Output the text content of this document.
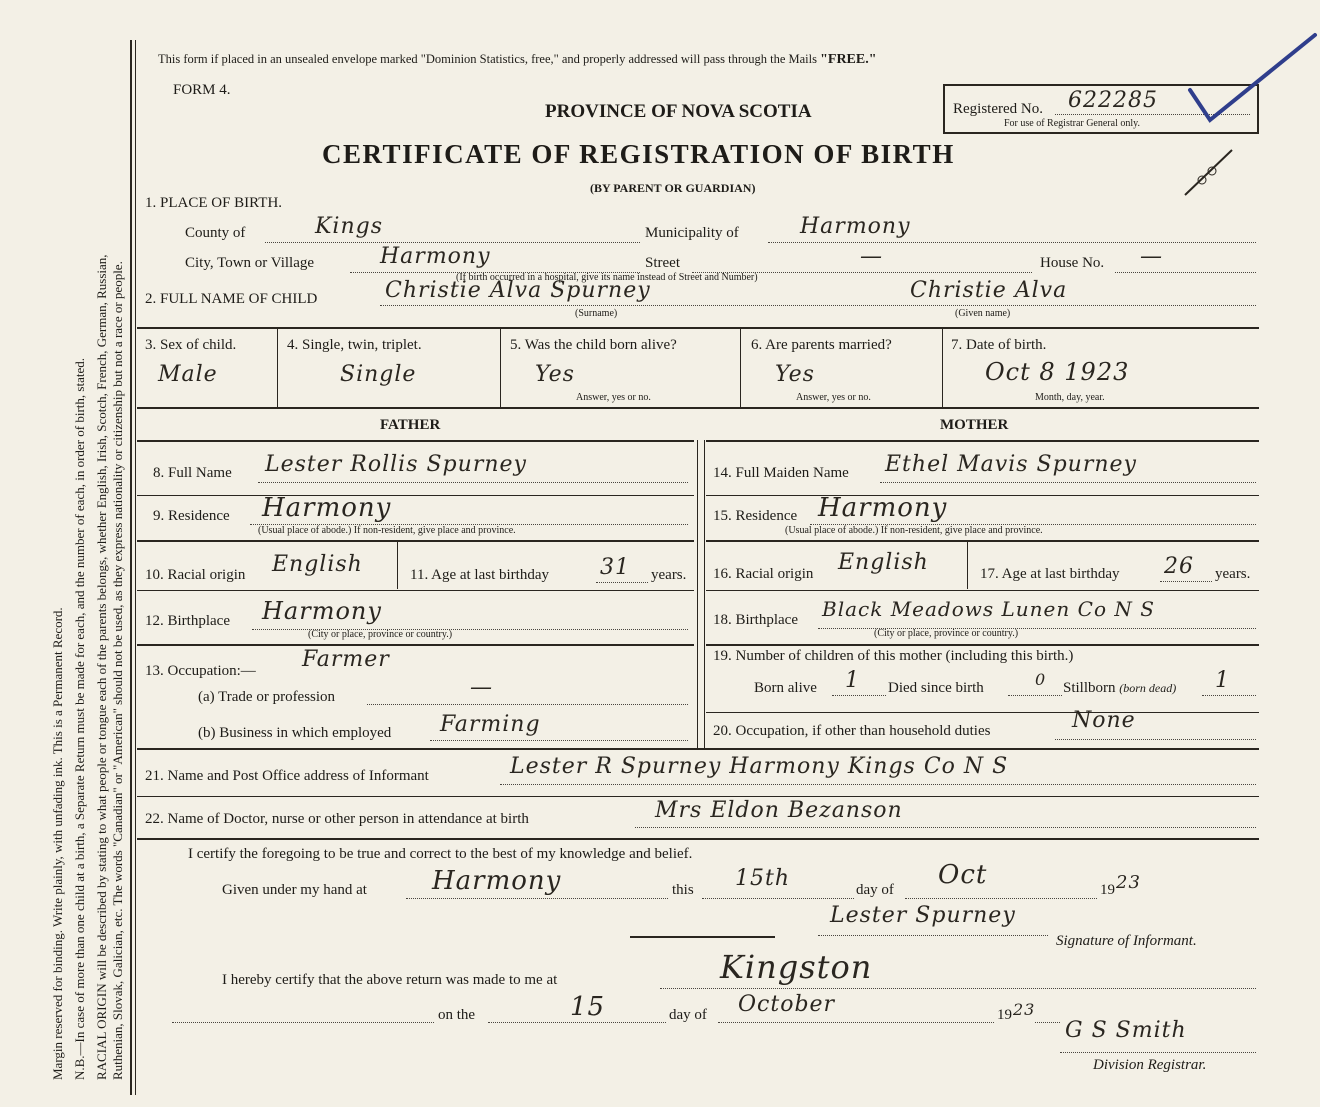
Margin reserved for binding. Write plainly, with unfading ink. This is a Permanent Record. N.B.—In case of more than one child at a birth, a Separate Return must be made for each, and the number of each, in order of birth, stated. RACIAL ORIGIN will be described by stating to what people or tongue each of the parents belongs, whether English, Irish, Scotch, French, German, Russian, Ruthenian, Slovak, Galician, etc. The words "Canadian" or "American" should not be used, as they express nationality or citizenship but not a race or people.
This form if placed in an unsealed envelope marked "Dominion Statistics, free," and properly addressed will pass through the Mails "FREE."
FORM 4.
PROVINCE OF NOVA SCOTIA	Registered No. 622285
For use of Registrar General only.
CERTIFICATE OF REGISTRATION OF BIRTH
(BY PARENT OR GUARDIAN)
1. PLACE OF BIRTH.
County of	Kings	Municipality of	Harmony
City, Town or Village	Harmony	Street	—	House No. —
(If birth occurred in a hospital, give its name instead of Street and Number)
2. FULL NAME OF CHILD	Christie Alva Spurney
(Surname)
Christie Alva
(Given name)
3. Sex of child.
Male
4. Single, twin, triplet.
Single
5. Was the child born alive?
Yes
Answer, yes or no.
6. Are parents married?
Yes
Answer, yes or no.
7. Date of birth.
Oct 8 1923
Month, day, year.
FATHER	MOTHER
8. Full Name Lester Rollis Spurney
9. Residence Harmony
(Usual place of abode.) If non-resident, give place and province.
10. Racial origin English	11. Age at last birthday 31 years.
12. Birthplace Harmony
(City or place, province or country.)
13. Occupation:— Farmer
(a) Trade or profession	—
(b) Business in which employed Farming
14. Full Maiden Name Ethel Mavis Spurney
15. Residence Harmony
(Usual place of abode.) If non-resident, give place and province.
16. Racial origin English	17. Age at last birthday 26 years.
18. Birthplace Black Meadows Lunen Co N S
(City or place, province or country.)
19. Number of children of this mother (including this birth.)
Born alive 1 Died since birth	0 Stillborn (born dead) 1
20. Occupation, if other than household duties	None
21. Name and Post Office address of Informant	Lester R Spurney Harmony Kings Co N S
22. Name of Doctor, nurse or other person in attendance at birth	Mrs Eldon Bezanson
I certify the foregoing to be true and correct to the best of my knowledge and belief.
Given under my hand at	Harmony	this 15th	day of Oct	19 23
Lester Spurney
Signature of Informant.
I hereby certify that the above return was made to me at	Kingston
on the	15	day of October	19 23
G S Smith
Division Registrar.
